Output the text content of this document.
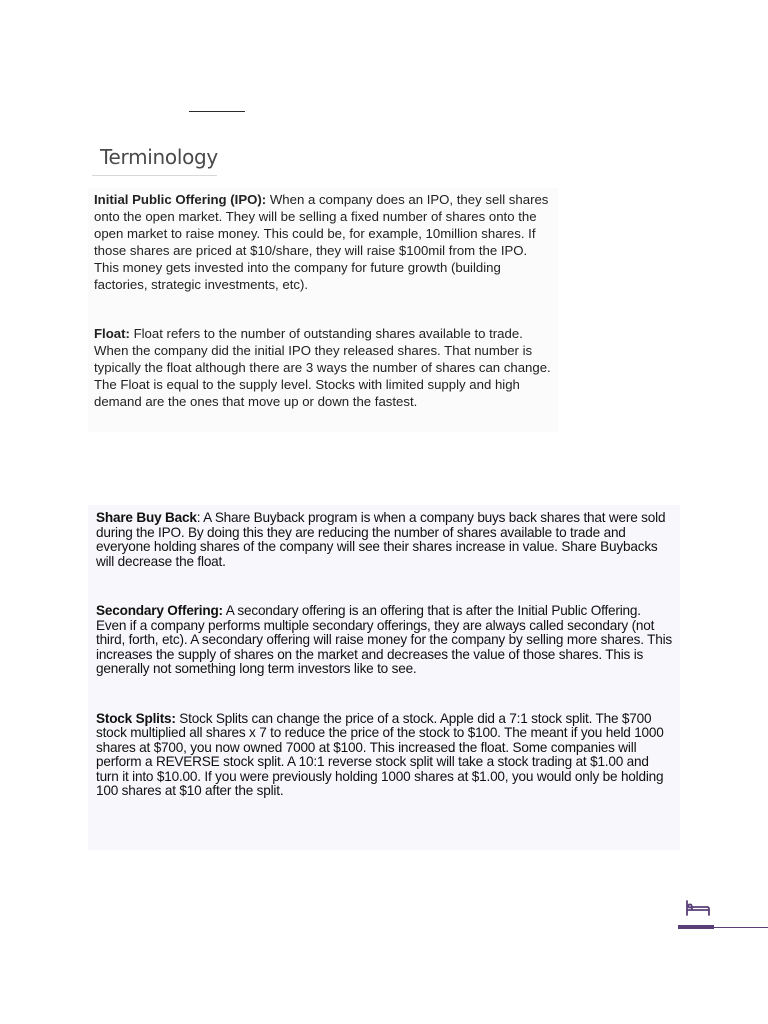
Terminology

Initial Public Offering (IPO): When a company does an IPO, they sell shares onto the open market. They will be selling a fixed number of shares onto the open market to raise money. This could be, for example, 10million shares. If those shares are priced at $10/share, they will raise $100mil from the IPO. This money gets invested into the company for future growth (building factories, strategic investments, etc).

Float: Float refers to the number of outstanding shares available to trade. When the company did the initial IPO they released shares. That number is typically the float although there are 3 ways the number of shares can change. The Float is equal to the supply level. Stocks with limited supply and high demand are the ones that move up or down the fastest.

Share Buy Back: A Share Buyback program is when a company buys back shares that were sold during the IPO. By doing this they are reducing the number of shares available to trade and everyone holding shares of the company will see their shares increase in value. Share Buybacks will decrease the float.

Secondary Offering: A secondary offering is an offering that is after the Initial Public Offering. Even if a company performs multiple secondary offerings, they are always called secondary (not third, forth, etc). A secondary offering will raise money for the company by selling more shares. This increases the supply of shares on the market and decreases the value of those shares. This is generally not something long term investors like to see.

Stock Splits: Stock Splits can change the price of a stock. Apple did a 7:1 stock split. The $700 stock multiplied all shares x 7 to reduce the price of the stock to $100. The meant if you held 1000 shares at $700, you now owned 7000 at $100. This increased the float. Some companies will perform a REVERSE stock split. A 10:1 reverse stock split will take a stock trading at $1.00 and turn it into $10.00. If you were previously holding 1000 shares at $1.00, you would only be holding 100 shares at $10 after the split.
